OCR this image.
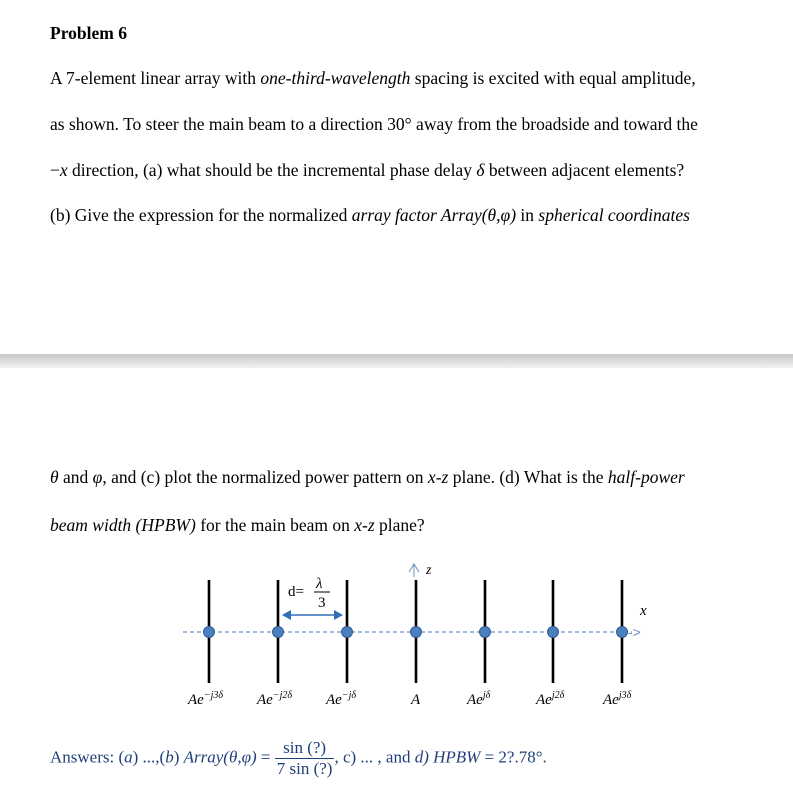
Problem 6
A 7-element linear array with one-third-wavelength spacing is excited with equal amplitude,
as shown. To steer the main beam to a direction 30° away from the broadside and toward the
−x direction, (a) what should be the incremental phase delay δ between adjacent elements?
(b) Give the expression for the normalized array factor Array(θ,φ) in spherical coordinates
θ and φ, and (c) plot the normalized power pattern on x-z plane. (d) What is the half-power
beam width (HPBW) for the main beam on x-z plane?
->
x
z
d= λ
3
$Ae^{-j3\delta}$ $Ae^{-j2\delta}$ $Ae^{-j\delta}$	A	$Ae^{j\delta}$	$Ae^{j2\delta}$	$Ae^{j3\delta}$
Answers: (a) ...,(b) Array(θ,φ) = $\frac{\sin (?)}{7 \sin (?)}$ , c) ... , and d) HPBW = 2?.78°.
